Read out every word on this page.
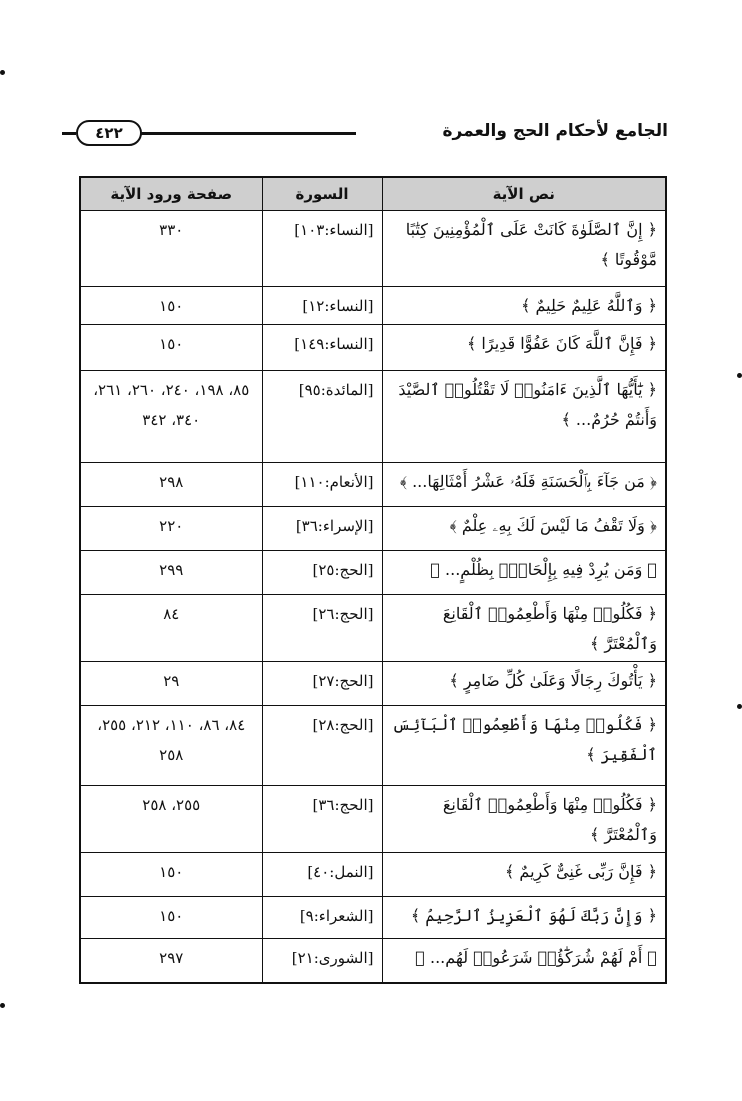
الجامع لأحكام الحج والعمرة
٤٢٢
نص الآية	السورة	صفحة ورود الآية
﴿ إِنَّ ٱلصَّلَوٰةَ كَانَتْ عَلَى ٱلْمُؤْمِنِينَ كِتَٰبًا مَّوْقُوتًا ﴾	[النساء:١٠٣]	٣٣٠
﴿ وَٱللَّهُ عَلِيمٌ حَلِيمٌ ﴾	[النساء:١٢]	١٥٠
﴿ فَإِنَّ ٱللَّهَ كَانَ عَفُوًّا قَدِيرًا ﴾	[النساء:١٤٩]	١٥٠
﴿ يَٰٓأَيُّهَا ٱلَّذِينَ ءَامَنُوا۟ لَا تَقْتُلُوا۟ ٱلصَّيْدَ وَأَنتُمْ حُرُمٌ... ﴾	[المائدة:٩٥]	٨٥، ١٩٨، ٢٤٠، ٢٦٠، ٢٦١، ٣٤٠، ٣٤٢
﴿ مَن جَآءَ بِٱلْحَسَنَةِ فَلَهُۥ عَشْرُ أَمْثَالِهَا... ﴾	[الأنعام:١١٠]	٢٩٨
﴿ وَلَا تَقْفُ مَا لَيْسَ لَكَ بِهِۦ عِلْمٌ ﴾	[الإسراء:٣٦]	٢٢٠
﴿ وَمَن يُرِدْ فِيهِ بِإِلْحَادٍۭ بِظُلْمٍ... ﴾	[الحج:٢٥]	٢٩٩
﴿ فَكُلُوا۟ مِنْهَا وَأَطْعِمُوا۟ ٱلْقَانِعَ وَٱلْمُعْتَرَّ ﴾	[الحج:٢٦]	٨٤
﴿ يَأْتُوكَ رِجَالًا وَعَلَىٰ كُلِّ ضَامِرٍ ﴾	[الحج:٢٧]	٢٩
﴿ فَكُلُوا۟ مِنْهَا وَأَطْعِمُوا۟ ٱلْبَآئِسَ ٱلْفَقِيرَ ﴾	[الحج:٢٨]	٨٤، ٨٦، ١١٠، ٢١٢، ٢٥٥، ٢٥٨
﴿ فَكُلُوا۟ مِنْهَا وَأَطْعِمُوا۟ ٱلْقَانِعَ وَٱلْمُعْتَرَّ ﴾	[الحج:٣٦]	٢٥٥، ٢٥٨
﴿ فَإِنَّ رَبِّى غَنِىٌّ كَرِيمٌ ﴾	[النمل:٤٠]	١٥٠
﴿ وَإِنَّ رَبَّكَ لَهُوَ ٱلْعَزِيزُ ٱلرَّحِيمُ ﴾	[الشعراء:٩]	١٥٠
﴿ أَمْ لَهُمْ شُرَكَٰٓؤُا۟ شَرَعُوا۟ لَهُم... ﴾	[الشورى:٢١]	٢٩٧
